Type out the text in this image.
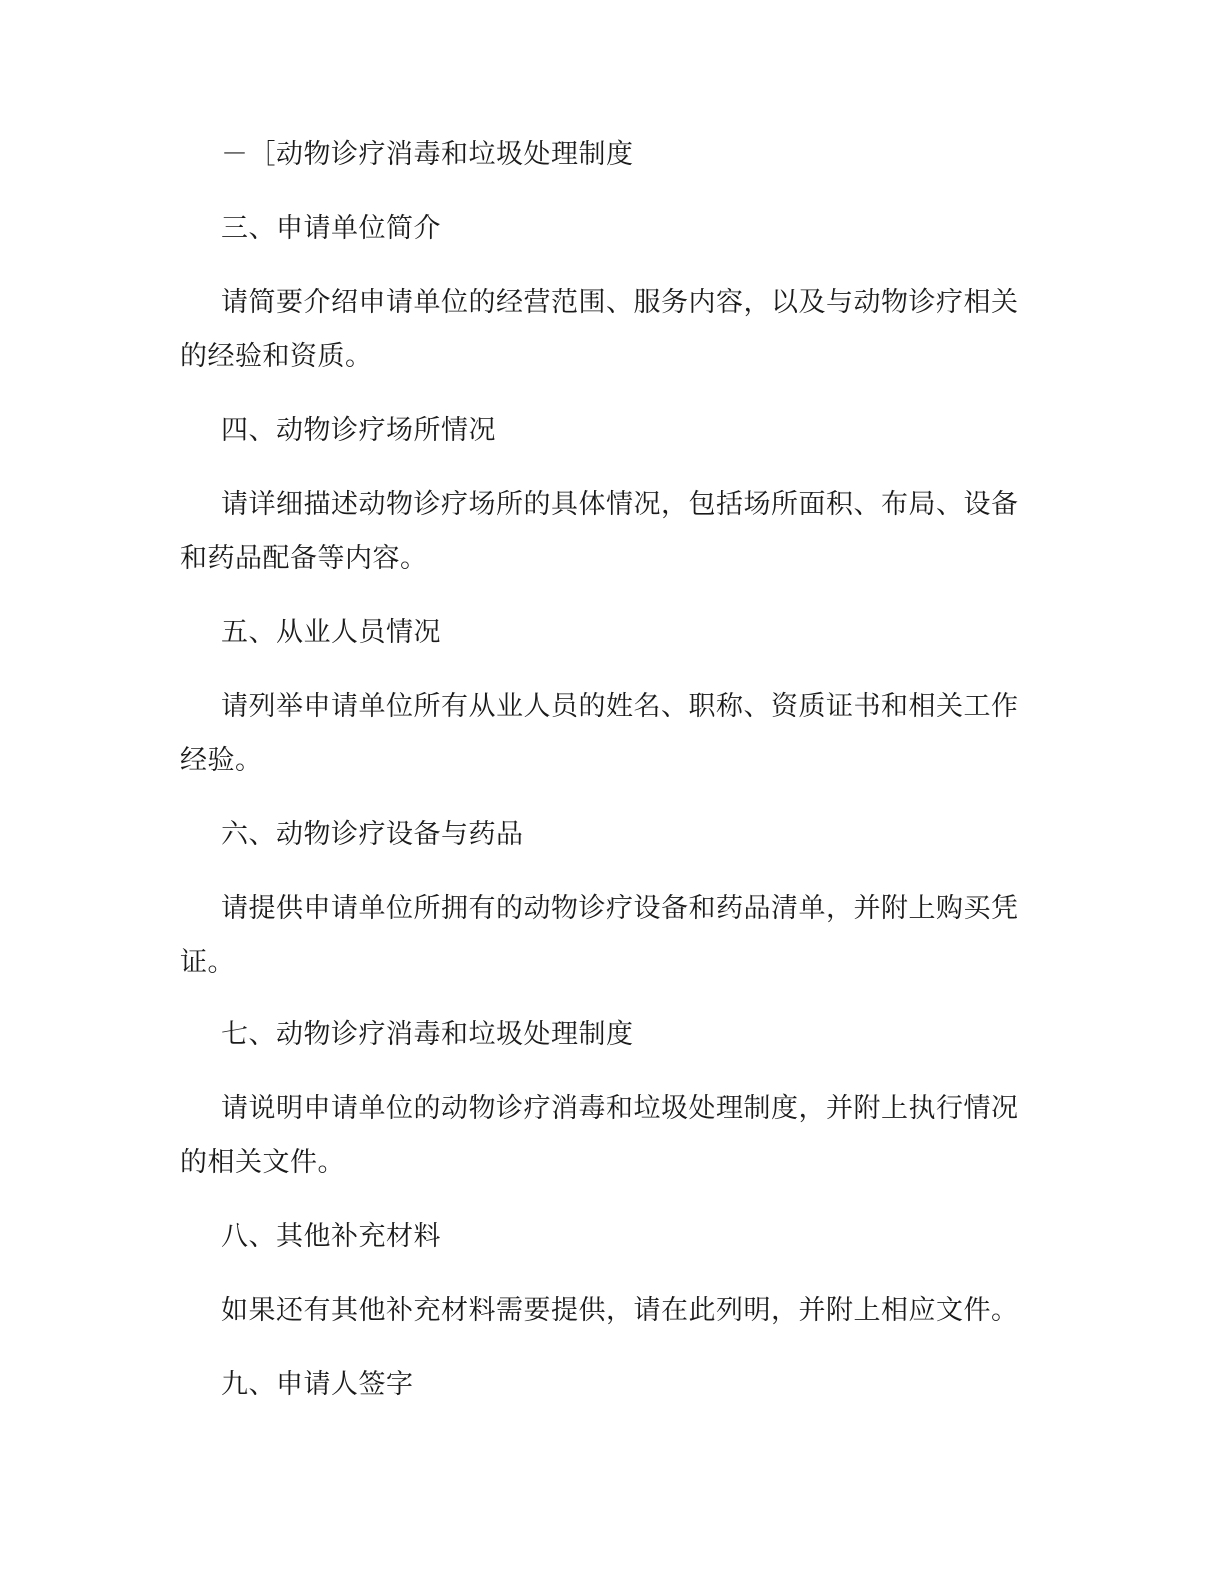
－［动物诊疗消毒和垃圾处理制度
三、申请单位简介
请简要介绍申请单位的经营范围、服务内容，以及与动物诊疗相关
的经验和资质。
四、动物诊疗场所情况
请详细描述动物诊疗场所的具体情况，包括场所面积、布局、设备
和药品配备等内容。
五、从业人员情况
请列举申请单位所有从业人员的姓名、职称、资质证书和相关工作
经验。
六、动物诊疗设备与药品
请提供申请单位所拥有的动物诊疗设备和药品清单，并附上购买凭
证。
七、动物诊疗消毒和垃圾处理制度
请说明申请单位的动物诊疗消毒和垃圾处理制度，并附上执行情况
的相关文件。
八、其他补充材料
如果还有其他补充材料需要提供，请在此列明，并附上相应文件。
九、申请人签字
